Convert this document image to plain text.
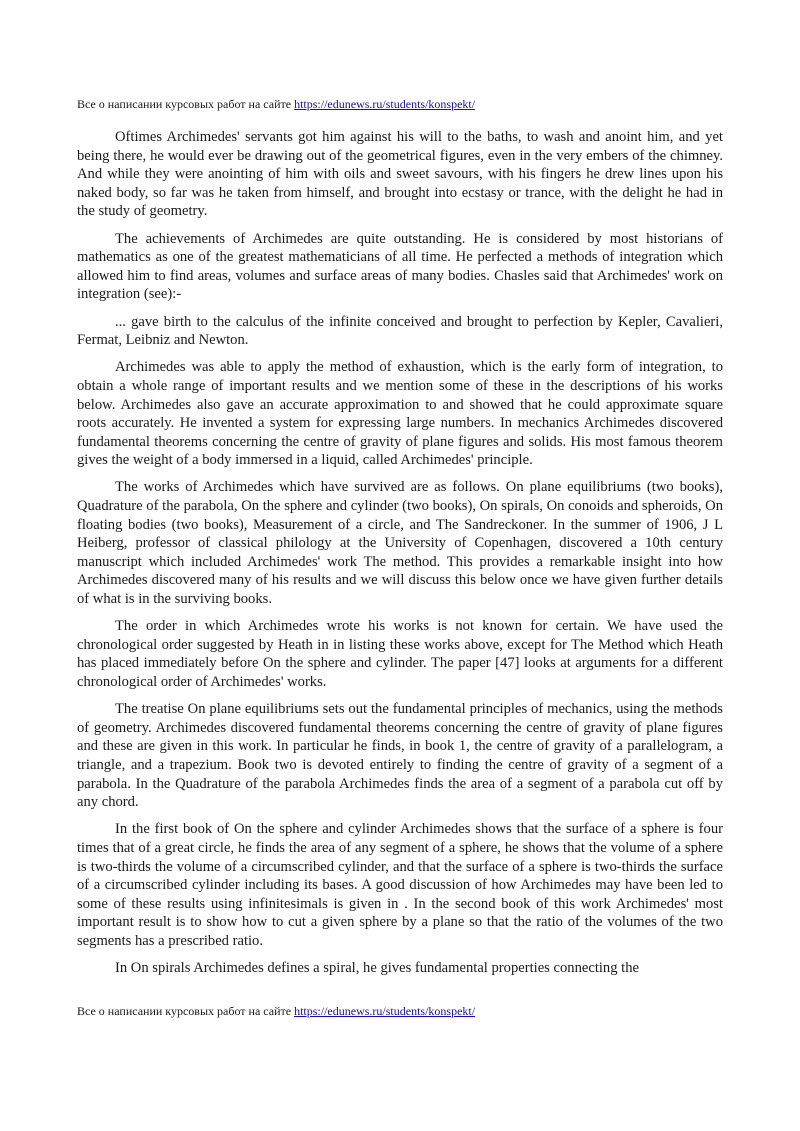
Все о написании курсовых работ на сайте https://edunews.ru/students/konspekt/

Oftimes Archimedes' servants got him against his will to the baths, to wash and anoint him, and yet being there, he would ever be drawing out of the geometrical figures, even in the very embers of the chimney. And while they were anointing of him with oils and sweet savours, with his fingers he drew lines upon his naked body, so far was he taken from himself, and brought into ecstasy or trance, with the delight he had in the study of geometry.

The achievements of Archimedes are quite outstanding. He is considered by most historians of mathematics as one of the greatest mathematicians of all time. He perfected a methods of integration which allowed him to find areas, volumes and surface areas of many bodies. Chasles said that Archimedes' work on integration (see):-

... gave birth to the calculus of the infinite conceived and brought to perfection by Kepler, Cavalieri, Fermat, Leibniz and Newton.

Archimedes was able to apply the method of exhaustion, which is the early form of integration, to obtain a whole range of important results and we mention some of these in the descriptions of his works below. Archimedes also gave an accurate approximation to and showed that he could approximate square roots accurately. He invented a system for expressing large numbers. In mechanics Archimedes discovered fundamental theorems concerning the centre of gravity of plane figures and solids. His most famous theorem gives the weight of a body immersed in a liquid, called Archimedes' principle.

The works of Archimedes which have survived are as follows. On plane equilibriums (two books), Quadrature of the parabola, On the sphere and cylinder (two books), On spirals, On conoids and spheroids, On floating bodies (two books), Measurement of a circle, and The Sandreckoner. In the summer of 1906, J L Heiberg, professor of classical philology at the University of Copenhagen, discovered a 10th century manuscript which included Archimedes' work The method. This provides a remarkable insight into how Archimedes discovered many of his results and we will discuss this below once we have given further details of what is in the surviving books.

The order in which Archimedes wrote his works is not known for certain. We have used the chronological order suggested by Heath in in listing these works above, except for The Method which Heath has placed immediately before On the sphere and cylinder. The paper [47] looks at arguments for a different chronological order of Archimedes' works.

The treatise On plane equilibriums sets out the fundamental principles of mechanics, using the methods of geometry. Archimedes discovered fundamental theorems concerning the centre of gravity of plane figures and these are given in this work. In particular he finds, in book 1, the centre of gravity of a parallelogram, a triangle, and a trapezium. Book two is devoted entirely to finding the centre of gravity of a segment of a parabola. In the Quadrature of the parabola Archimedes finds the area of a segment of a parabola cut off by any chord.

In the first book of On the sphere and cylinder Archimedes shows that the surface of a sphere is four times that of a great circle, he finds the area of any segment of a sphere, he shows that the volume of a sphere is two-thirds the volume of a circumscribed cylinder, and that the surface of a sphere is two-thirds the surface of a circumscribed cylinder including its bases. A good discussion of how Archimedes may have been led to some of these results using infinitesimals is given in . In the second book of this work Archimedes' most important result is to show how to cut a given sphere by a plane so that the ratio of the volumes of the two segments has a prescribed ratio.

In On spirals Archimedes defines a spiral, he gives fundamental properties connecting the

Все о написании курсовых работ на сайте https://edunews.ru/students/konspekt/
